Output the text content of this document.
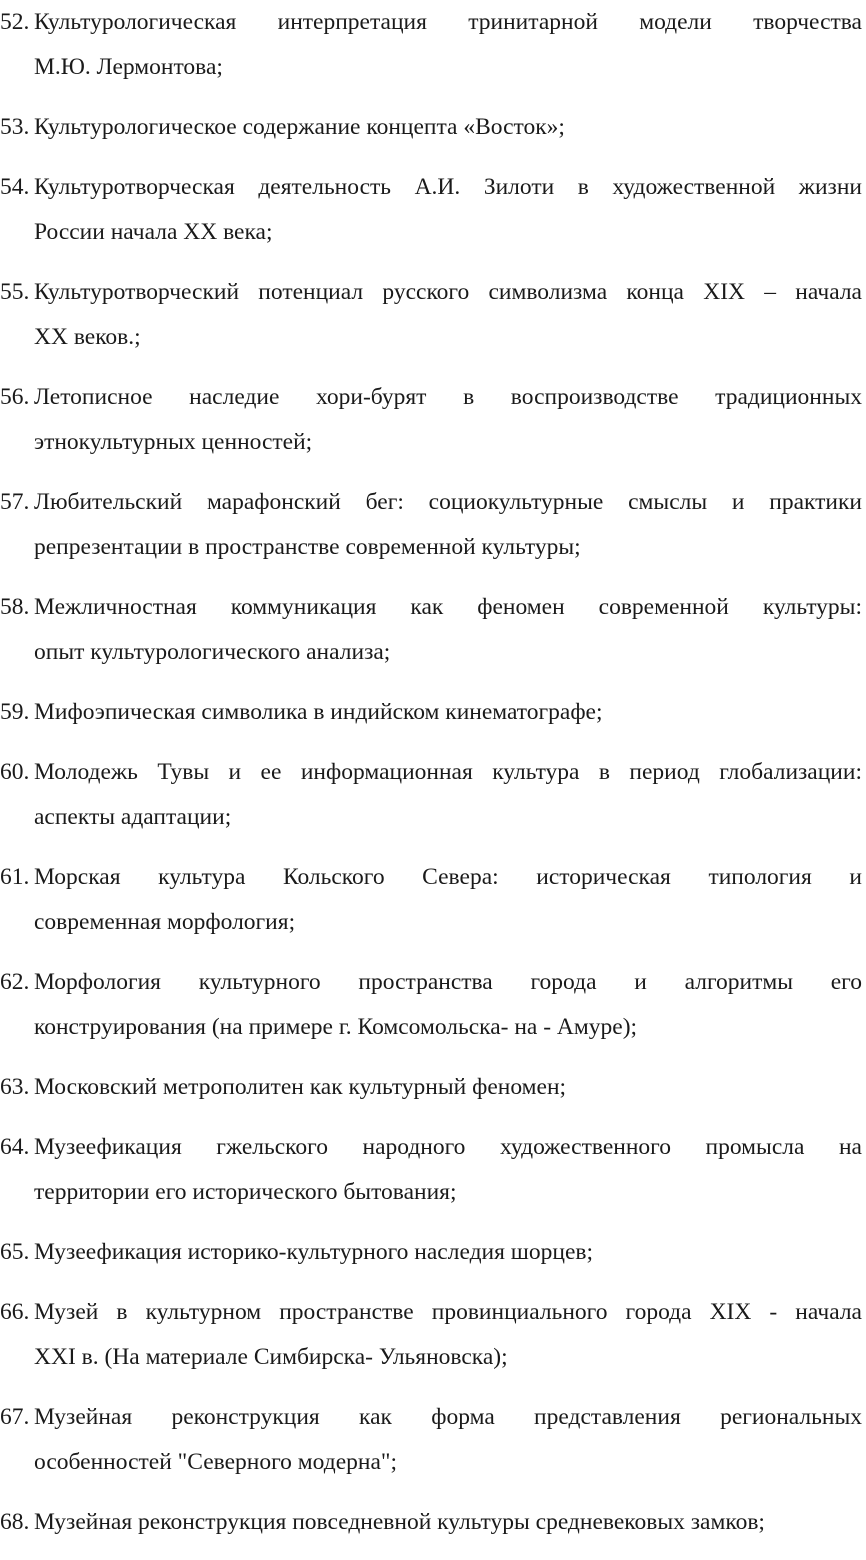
52. Культурологическая интерпретация тринитарной модели творчества
М.Ю. Лермонтова;
53. Культурологическое содержание концепта «Восток»;
54. Культуротворческая деятельность А.И. Зилоти в художественной жизни
России начала XX века;
55. Культуротворческий потенциал русского символизма конца XIX – начала
XX веков.;
56. Летописное наследие хори-бурят в воспроизводстве традиционных
этнокультурных ценностей;
57. Любительский марафонский бег: социокультурные смыслы и практики
репрезентации в пространстве современной культуры;
58. Межличностная коммуникация как феномен современной культуры:
опыт культурологического анализа;
59. Мифоэпическая символика в индийском кинематографе;
60. Молодежь Тувы и ее информационная культура в период глобализации:
аспекты адаптации;
61. Морская культура Кольского Севера: историческая типология и
современная морфология;
62. Морфология культурного пространства города и алгоритмы его
конструирования (на примере г. Комсомольска- на - Амуре);
63. Московский метрополитен как культурный феномен;
64. Музеефикация гжельского народного художественного промысла на
территории его исторического бытования;
65. Музеефикация историко-культурного наследия шорцев;
66. Музей в культурном пространстве провинциального города XIX - начала
XXI в. (На материале Симбирска- Ульяновска);
67. Музейная реконструкция как форма представления региональных
особенностей "Северного модерна";
68. Музейная реконструкция повседневной культуры средневековых замков;
